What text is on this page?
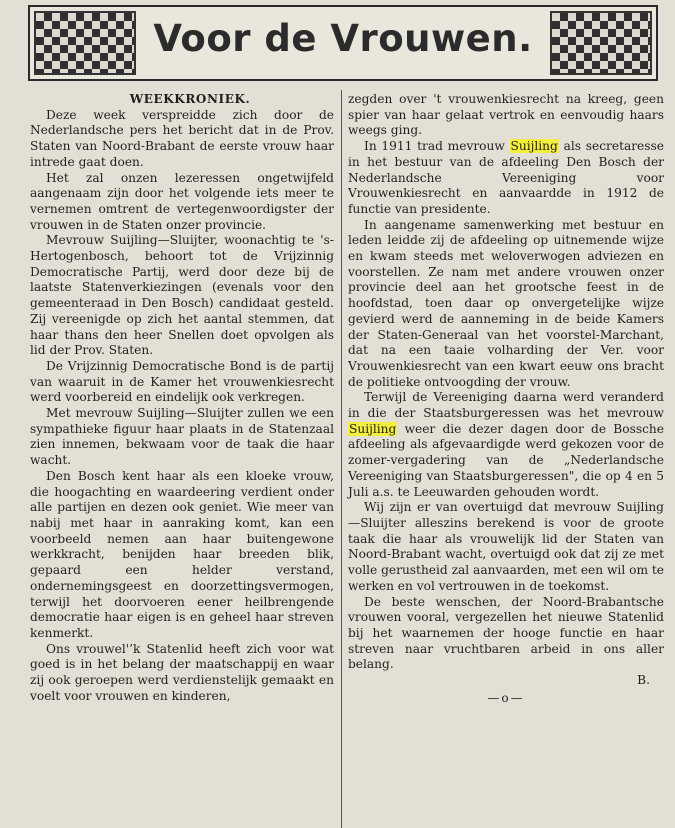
Voor de Vrouwen.

WEEKKRONIEK.

Deze week verspreidde zich door de Nederlandsche pers het bericht dat in de Prov. Staten van Noord-Brabant de eerste vrouw haar intrede gaat doen.

Het zal onzen lezeressen ongetwijfeld aangenaam zijn door het volgende iets meer te vernemen omtrent de vertegenwoordigster der vrouwen in de Staten onzer provincie.

Mevrouw Suijling—Sluijter, woonachtig te 's-Hertogenbosch, behoort tot de Vrijzinnig Democratische Partij, werd door deze bij de laatste Statenverkiezingen (evenals voor den gemeenteraad in Den Bosch) candidaat gesteld. Zij vereenigde op zich het aantal stemmen, dat haar thans den heer Snellen doet opvolgen als lid der Prov. Staten.

De Vrijzinnig Democratische Bond is de partij van waaruit in de Kamer het vrouwenkiesrecht werd voorbereid en eindelijk ook verkregen.

Met mevrouw Suijling—Sluijter zullen we een sympathieke figuur haar plaats in de Statenzaal zien innemen, bekwaam voor de taak die haar wacht.

Den Bosch kent haar als een kloeke vrouw, die hoogachting en waardeering verdient onder alle partijen en dezen ook geniet. Wie meer van nabij met haar in aanraking komt, kan een voorbeeld nemen aan haar buitengewone werkkracht, benijden haar breeden blik, gepaard een helder verstand, ondernemingsgeest en doorzettingsvermogen, terwijl het doorvoeren eener heilbrengende democratie haar eigen is en geheel haar streven kenmerkt.

Ons vrouwel'’k Statenlid heeft zich voor wat goed is in het belang der maatschappij en waar zij ook geroepen werd verdienstelijk gemaakt en voelt voor vrouwen en kinderen,

zegden over 't vrouwenkiesrecht na kreeg, geen spier van haar gelaat vertrok en eenvoudig haars weegs ging.

In 1911 trad mevrouw Suijling als secretaresse in het bestuur van de afdeeling Den Bosch der Nederlandsche Vereeniging voor Vrouwenkiesrecht en aanvaardde in 1912 de functie van presidente.

In aangename samenwerking met bestuur en leden leidde zij de afdeeling op uitnemende wijze en kwam steeds met weloverwogen adviezen en voorstellen. Ze nam met andere vrouwen onzer provincie deel aan het grootsche feest in de hoofdstad, toen daar op onvergetelijke wijze gevierd werd de aanneming in de beide Kamers der Staten-Generaal van het voorstel-Marchant, dat na een taaie volharding der Ver. voor Vrouwenkiesrecht van een kwart eeuw ons bracht de politieke ontvoogding der vrouw.

Terwijl de Vereeniging daarna werd veranderd in die der Staatsburgeressen was het mevrouw Suijling weer die dezer dagen door de Bossche afdeeling als afgevaardigde werd gekozen voor de zomer-vergadering van de „Nederlandsche Vereeniging van Staatsburgeressen", die op 4 en 5 Juli a.s. te Leeuwarden gehouden wordt.

Wij zijn er van overtuigd dat mevrouw Suijling—Sluijter alleszins berekend is voor de groote taak die haar als vrouwelijk lid der Staten van Noord-Brabant wacht, overtuigd ook dat zij ze met volle gerustheid zal aanvaarden, met een wil om te werken en vol vertrouwen in de toekomst.

De beste wenschen, der Noord-Brabantsche vrouwen vooral, vergezellen het nieuwe Statenlid bij het waarnemen der hooge functie en haar streven naar vruchtbaren arbeid in ons aller belang.

B.

—o—
